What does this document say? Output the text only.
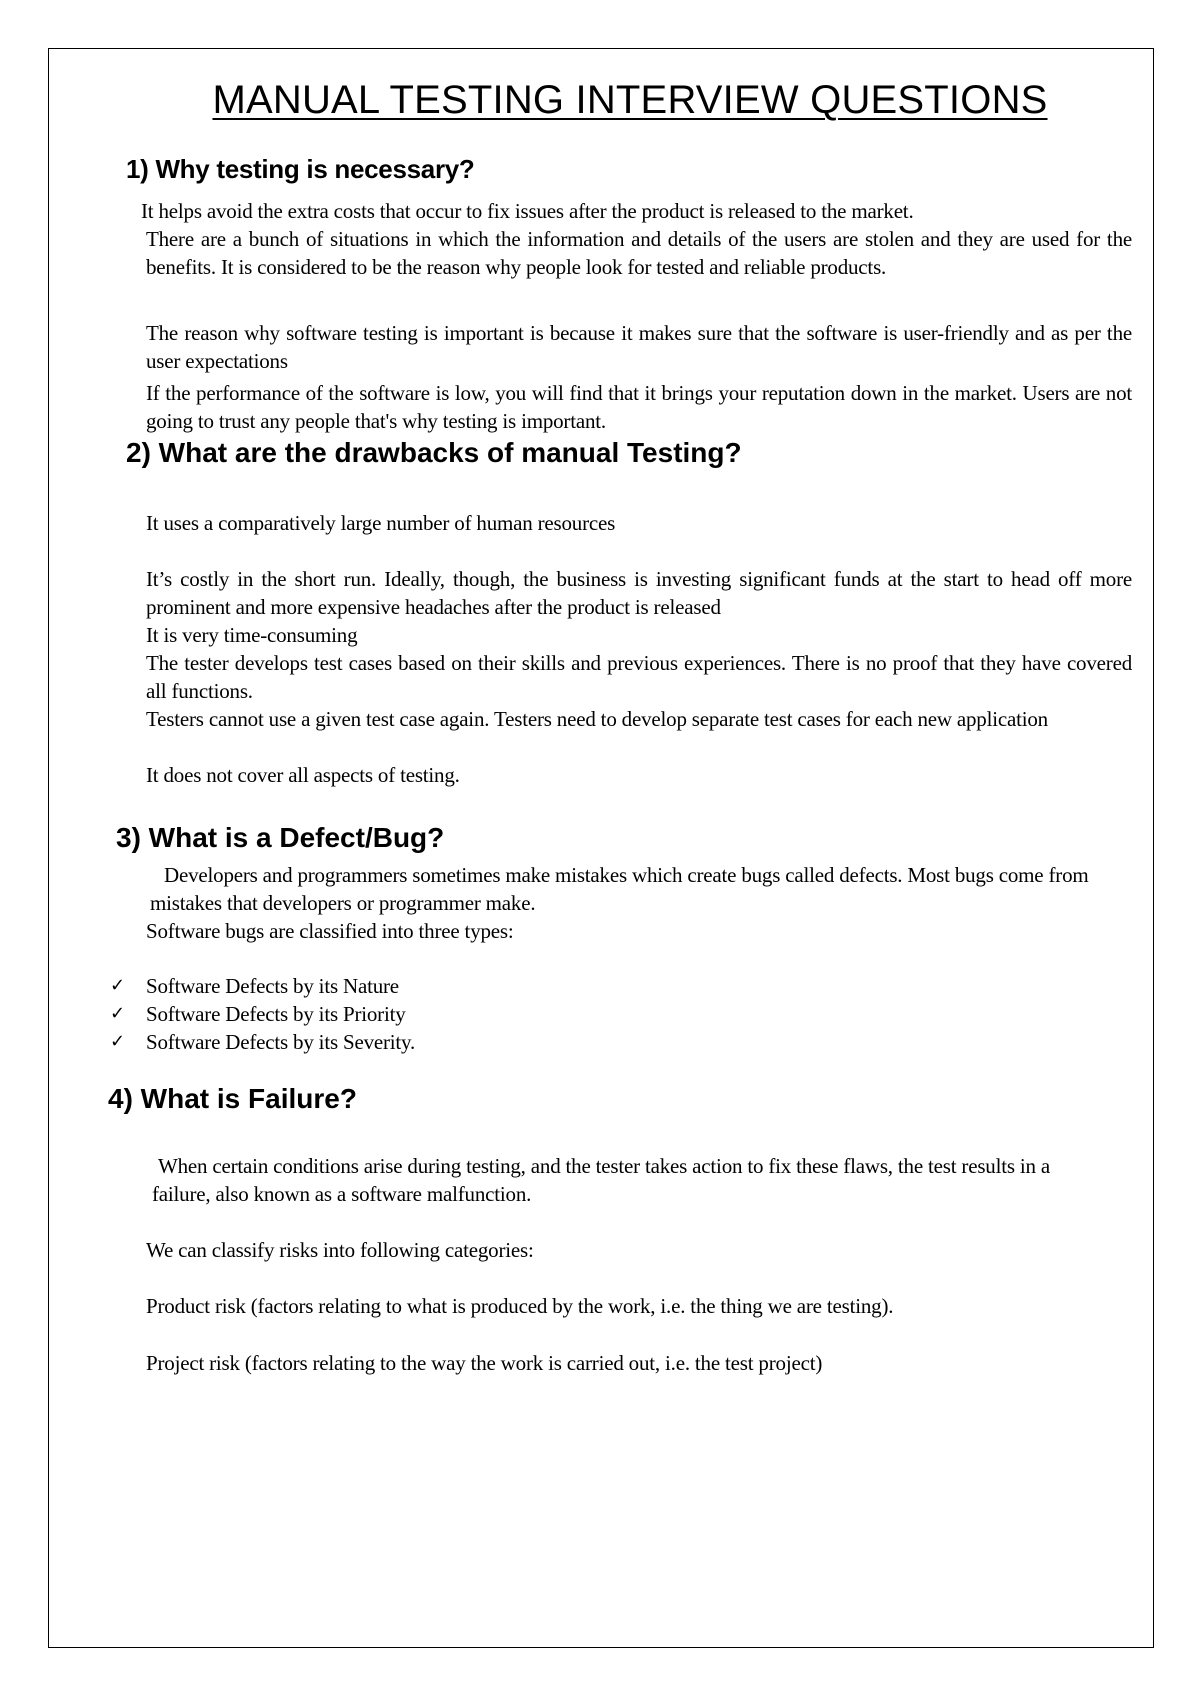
MANUAL TESTING INTERVIEW QUESTIONS
1) Why testing is necessary?
It helps avoid the extra costs that occur to fix issues after the product is released to the market.
There are a bunch of situations in which the information and details of the users are stolen and they are used for the benefits. It is considered to be the reason why people look for tested and reliable products.
The reason why software testing is important is because it makes sure that the software is user-friendly and as per the user expectations
If the performance of the software is low, you will find that it brings your reputation down in the market. Users are not going to trust any people that's why testing is important.
2) What are the drawbacks of manual Testing?
It uses a comparatively large number of human resources
It’s costly in the short run. Ideally, though, the business is investing significant funds at the start to head off more prominent and more expensive headaches after the product is released
It is very time-consuming
The tester develops test cases based on their skills and previous experiences. There is no proof that they have covered all functions.
Testers cannot use a given test case again. Testers need to develop separate test cases for each new application
It does not cover all aspects of testing.
3) What is a Defect/Bug?
Developers and programmers sometimes make mistakes which create bugs called defects. Most bugs come from mistakes that developers or programmer make.
Software bugs are classified into three types:
✓ Software Defects by its Nature
✓ Software Defects by its Priority
✓ Software Defects by its Severity.
4) What is Failure?
When certain conditions arise during testing, and the tester takes action to fix these flaws, the test results in a failure, also known as a software malfunction.
We can classify risks into following categories:
Product risk (factors relating to what is produced by the work, i.e. the thing we are testing).
Project risk (factors relating to the way the work is carried out, i.e. the test project)
